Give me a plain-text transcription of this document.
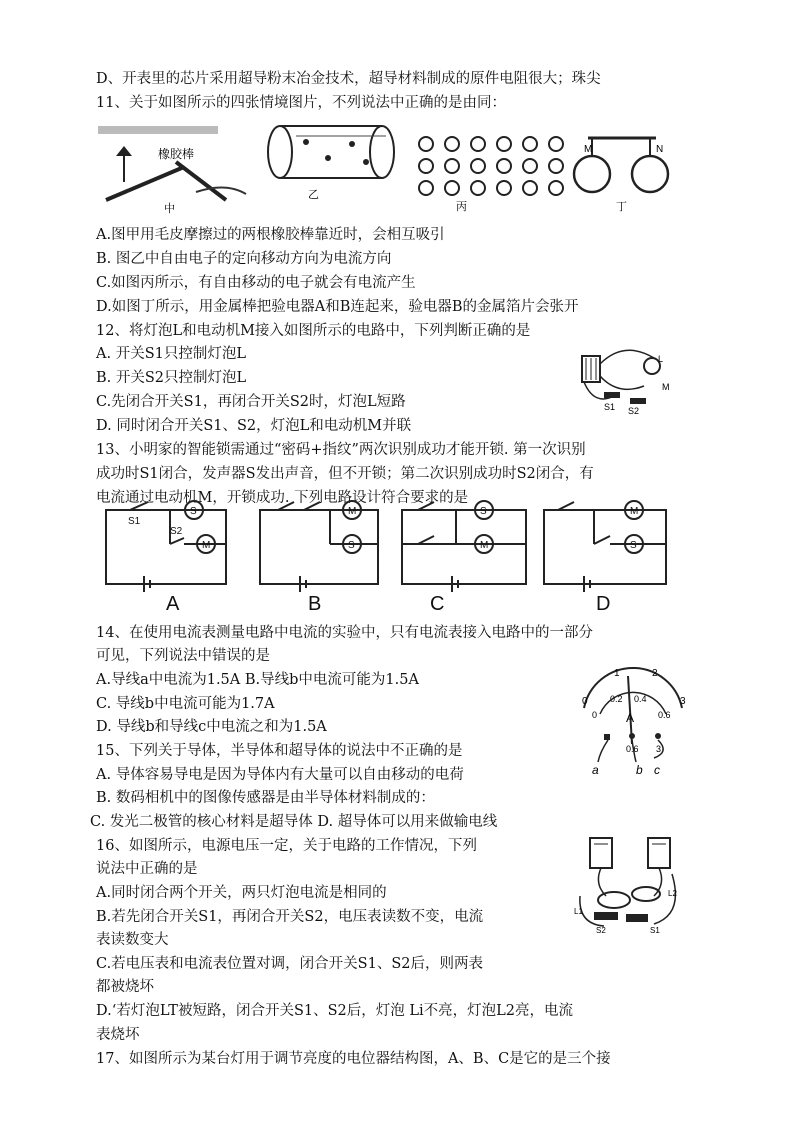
D、开表里的芯片采用超导粉末冶金技术，超导材料制成的原件电阻很大；珠尖
11、关于如图所示的四张情境图片，不列说法中正确的是由同：
橡胶棒
中
乙
丙
M	N
丁
A.图甲用毛皮摩擦过的两根橡胶棒靠近时，会相互吸引
B. 图乙中自由电子的定向移动方向为电流方向
C.如图丙所示，有自由移动的电子就会有电流产生
D.如图丁所示，用金属棒把验电器A和B连起来，验电器B的金属箔片会张开
12、将灯泡L和电动机M接入如图所示的电路中，下列判断正确的是
A. 开关S1只控制灯泡L
B. 开关S2只控制灯泡L
C.先闭合开关S1，再闭合开关S2时，灯泡L短路
D. 同时闭合开关S1、S2，灯泡L和电动机M并联
S1 S2
L
M
13、小明家的智能锁需通过“密码+指纹”两次识别成功才能开锁. 第一次识别
成功时S1闭合，发声器S发出声音，但不开锁；第二次识别成功时S2闭合，有
电流通过电动机M，开锁成功. 下列电路设计符合要求的是
S
M
S1
S2
M
S
S
M
M
S
A	B	C	D
14、在使用电流表测量电路中电流的实验中，只有电流表接入电路中的一部分
可见，下列说法中错误的是
A.导线a中电流为1.5A B.导线b中电流可能为1.5A
C. 导线b中电流可能为1.7A
D. 导线b和导线c中电流之和为1.5A
0
1	2
3
0
0.2 0.4
0.6
A
0.6 3
a	b c
15、下列关于导体，半导体和超导体的说法中不正确的是
A. 导体容易导电是因为导体内有大量可以自由移动的电荷
B. 数码相机中的图像传感器是由半导体材料制成的：
C. 发光二极管的核心材料是超导体 D. 超导体可以用来做输电线
16、如图所示，电源电压一定，关于电路的工作情况，下列
说法中正确的是
A.同时闭合两个开关，两只灯泡电流是相同的
B.若先闭合开关S1，再闭合开关S2，电压表读数不变，电流
表读数变大
C.若电压表和电流表位置对调，闭合开关S1、S2后，则两表
都被烧坏
D.‘若灯泡LT被短路，闭合开关S1、S2后，灯泡 Li不亮，灯泡L2亮，电流
表烧坏
17、如图所示为某台灯用于调节亮度的电位器结构图，A、B、C是它的是三个接
L1
L2
S1
S2
